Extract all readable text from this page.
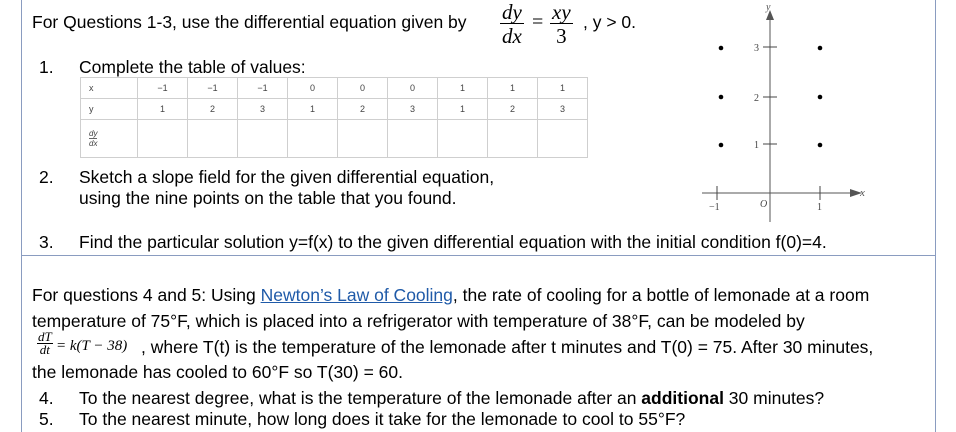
For Questions 1-3, use the differential equation given by $\frac{dy}{dx} = \frac{xy}{3}$ , y > 0.
1. Complete the table of values:
x	−1	−1	−1	0	0	0	1	1	1
y	1	2	3	1	2	3	1	2	3

$\frac{dy}{dx}$

2. Sketch a slope field for the given differential equation,
using the nine points on the table that you found.
y
x
3
2
1
−1	O	1
3. Find the particular solution y=f(x) to the given differential equation with the initial condition f(0)=4.
For questions 4 and 5: Using Newton’s Law of Cooling, the rate of cooling for a bottle of lemonade at a room
temperature of 75°F, which is placed into a refrigerator with temperature of 38°F, can be modeled by
$\frac{dT}{dt} = k(T - 38)$ , where T(t) is the temperature of the lemonade after t minutes and T(0) = 75. After 30 minutes,
the lemonade has cooled to 60°F so T(30) = 60.
4. To the nearest degree, what is the temperature of the lemonade after an additional 30 minutes?
5. To the nearest minute, how long does it take for the lemonade to cool to 55°F?
